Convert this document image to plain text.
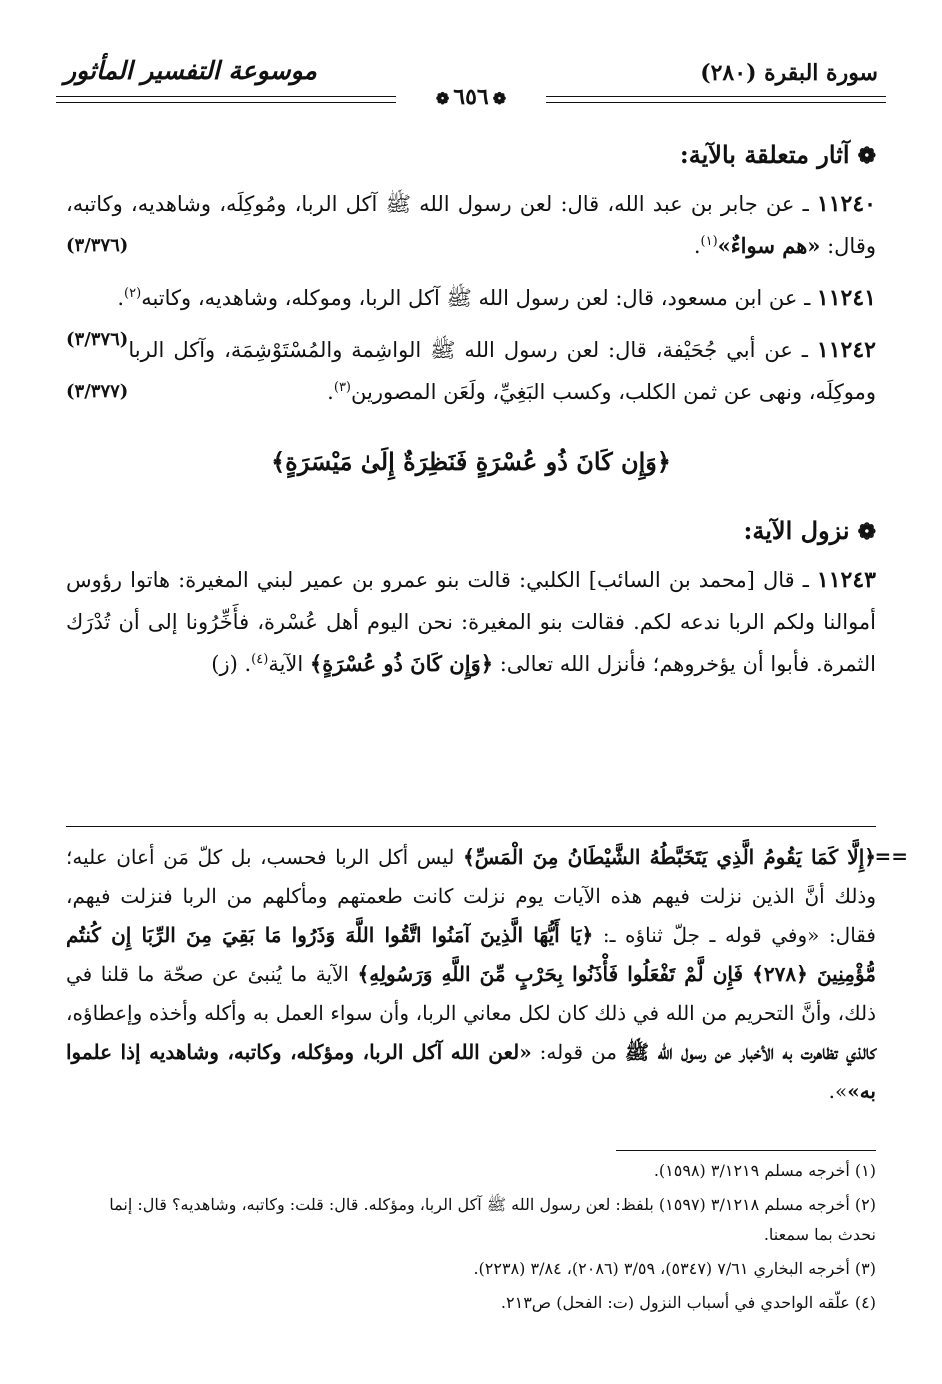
سورة البقرة (٢٨٠)
موسوعة التفسير المأثور
❁٦٥٦❁
❁آثار متعلقة بالآية:

١١٢٤٠ ـ عن جابر بن عبد الله، قال: لعن رسول الله ﷺ آكل الربا، ومُوكِلَه، وشاهديه، وكاتبه، وقال: «هم سواءٌ»$^{(١)}$.
(٣/٣٧٦)

١١٢٤١ ـ عن ابن مسعود، قال: لعن رسول الله ﷺ آكل الربا، وموكله، وشاهديه، وكاتبه$^{(٢)}$.
(٣/٣٧٦)	١١٢٤٢ ـ عن أبي جُحَيْفة، قال: لعن رسول الله ﷺ الواشِمة والمُسْتَوْشِمَة، وآكل الربا وموكِلَه، ونهى عن ثمن الكلب، وكسب البَغِيِّ، ولَعَن المصورين$^{(٣)}$.
(٣/٣٧٧)

﴿وَإِن كَانَ ذُو عُسْرَةٍ فَنَظِرَةٌ إِلَىٰ مَيْسَرَةٍ﴾
❁نزول الآية:

١١٢٤٣ ـ قال [محمد بن السائب] الكلبي: قالت بنو عمرو بن عمير لبني المغيرة: هاتوا رؤوس أموالنا ولكم الربا ندعه لكم. فقالت بنو المغيرة: نحن اليوم أهل عُسْرة، فأَخِّرُونا إلى أن تُدْرَك الثمرة. فأبوا أن يؤخروهم؛ فأنزل الله تعالى: ﴿وَإِن كَانَ ذُو عُسْرَةٍ﴾ الآية$^{(٤)}$. (ز)

==
﴿إِلَّا كَمَا يَقُومُ الَّذِي يَتَخَبَّطُهُ الشَّيْطَانُ مِنَ الْمَسِّ﴾ ليس أكل الربا فحسب، بل كلّ مَن أعان عليه؛ وذلك أنَّ الذين نزلت فيهم هذه الآيات يوم نزلت كانت طعمتهم ومأكلهم من الربا فنزلت فيهم، فقال: «وفي قوله ـ جلّ ثناؤه ـ: ﴿يَا أَيُّهَا الَّذِينَ آمَنُوا اتَّقُوا اللَّهَ وَذَرُوا مَا بَقِيَ مِنَ الرِّبَا إِن كُنتُم مُّؤْمِنِينَ ﴿٢٧٨﴾ فَإِن لَّمْ تَفْعَلُوا فَأْذَنُوا بِحَرْبٍ مِّنَ اللَّهِ وَرَسُولِهِ﴾ الآية ما يُنبئ عن صحّة ما قلنا في ذلك، وأنَّ التحريم من الله في ذلك كان لكل معاني الربا، وأن سواء العمل به وأكله وأخذه وإعطاؤه، كالذي تظاهرت به الأخبار عن رسول الله ﷺ من قوله: «لعن الله آكل الربا، ومؤكله، وكاتبه، وشاهديه إذا علموا به»».
(١) أخرجه مسلم ٣/١٢١٩ (١٥٩٨).
(٢) أخرجه مسلم ٣/١٢١٨ (١٥٩٧) بلفظ: لعن رسول الله ﷺ آكل الربا، ومؤكله. قال: قلت: وكاتبه، وشاهديه؟ قال: إنما نحدث بما سمعنا.
(٣) أخرجه البخاري ٧/٦١ (٥٣٤٧)، ٣/٥٩ (٢٠٨٦)، ٣/٨٤ (٢٢٣٨).
(٤) علّقه الواحدي في أسباب النزول (ت: الفحل) ص٢١٣.
